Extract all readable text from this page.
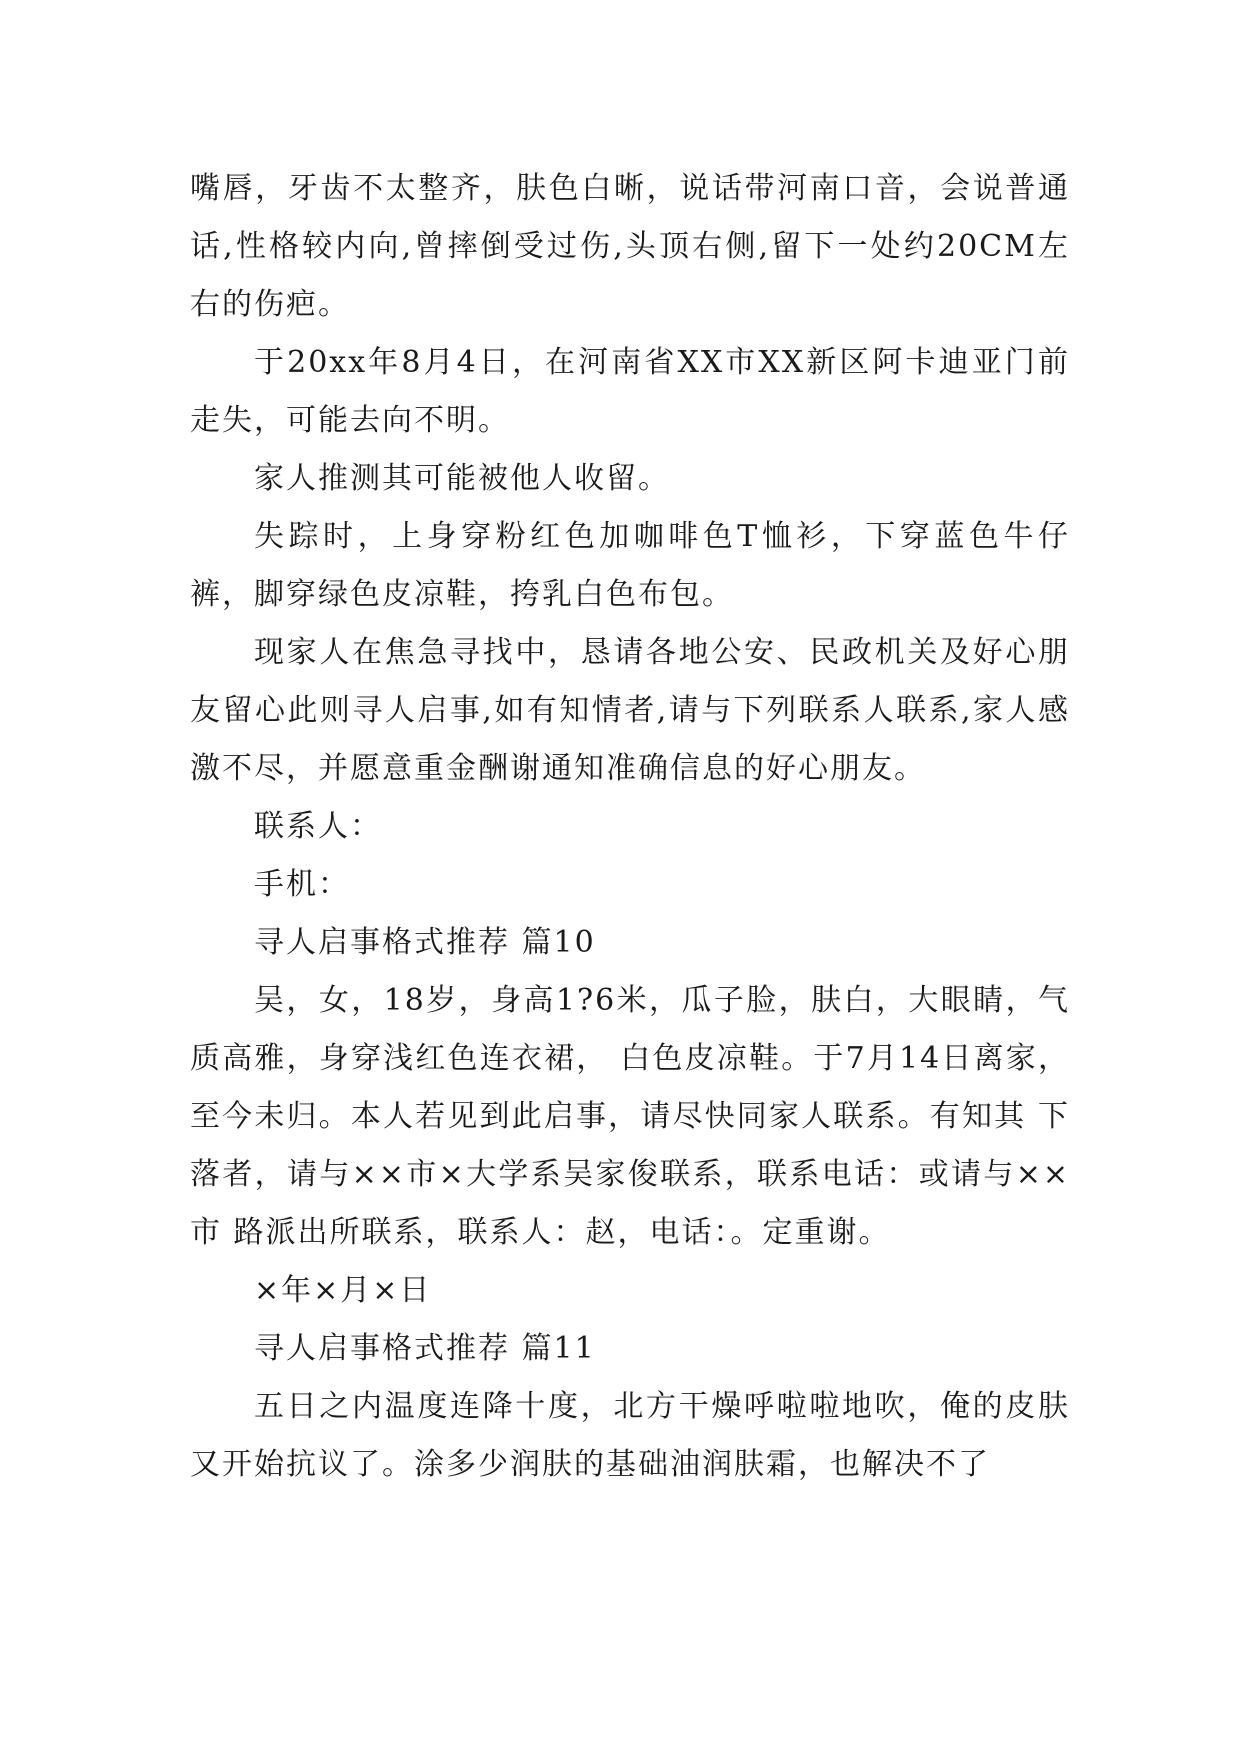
嘴唇，牙齿不太整齐，肤色白晰，说话带河南口音，会说普通话,性格较内向,曾摔倒受过伤,头顶右侧,留下一处约20CM左右的伤疤。

于20xx年8月4日，在河南省XX市XX新区阿卡迪亚门前走失，可能去向不明。

家人推测其可能被他人收留。

失踪时，上身穿粉红色加咖啡色T恤衫，下穿蓝色牛仔裤，脚穿绿色皮凉鞋，挎乳白色布包。

现家人在焦急寻找中，恳请各地公安、民政机关及好心朋友留心此则寻人启事,如有知情者,请与下列联系人联系,家人感激不尽，并愿意重金酬谢通知准确信息的好心朋友。

联系人：

手机：

寻人启事格式推荐 篇10

吴，女，18岁，身高1?6米，瓜子脸，肤白，大眼睛，气质高雅，身穿浅红色连衣裙， 白色皮凉鞋。于7月14日离家，至今未归。本人若见到此启事，请尽快同家人联系。有知其 下落者，请与××市×大学系吴家俊联系，联系电话：或请与××市 路派出所联系，联系人：赵，电话：。定重谢。

×年×月×日

寻人启事格式推荐 篇11

五日之内温度连降十度，北方干燥呼啦啦地吹，俺的皮肤又开始抗议了。涂多少润肤的基础油润肤霜，也解决不了
